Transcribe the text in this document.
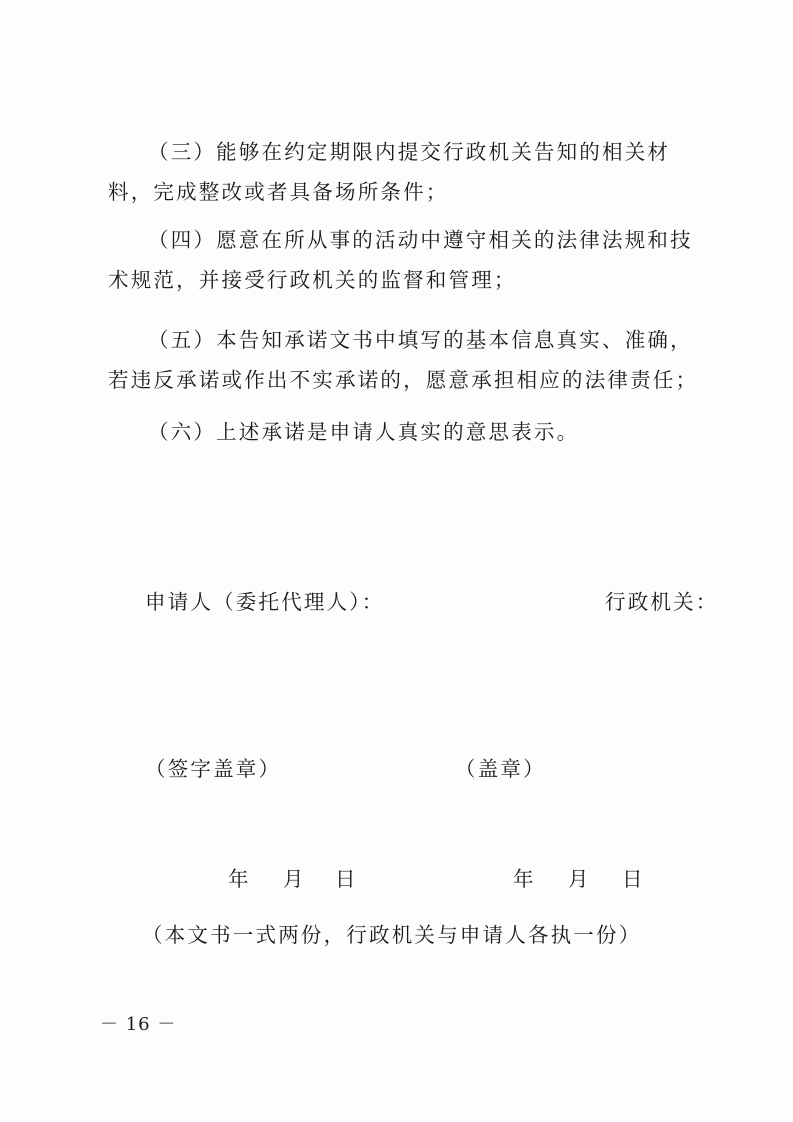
（三）能够在约定期限内提交行政机关告知的相关材料，完成整改或者具备场所条件；
（四）愿意在所从事的活动中遵守相关的法律法规和技术规范，并接受行政机关的监督和管理；
（五）本告知承诺文书中填写的基本信息真实、准确，若违反承诺或作出不实承诺的，愿意承担相应的法律责任；
（六）上述承诺是申请人真实的意思表示。
申请人（委托代理人）：	行政机关：
（签字盖章）	（盖章）
年 月 日	年 月 日
（本文书一式两份，行政机关与申请人各执一份）
－ 16 －
